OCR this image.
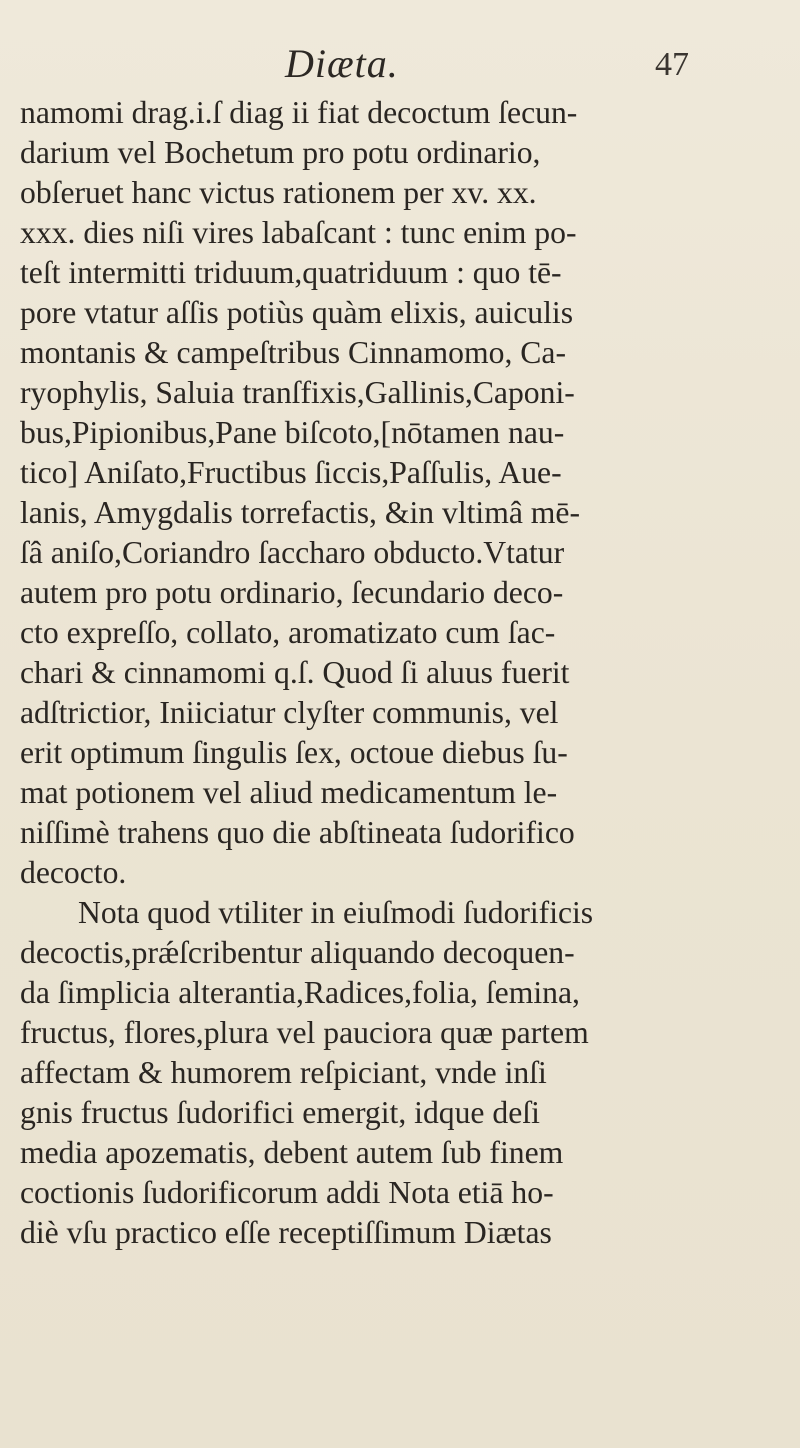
Diæta.	47
namomi drag.i.ſ diag ii fiat decoctum ſecun-
darium vel Bochetum pro potu ordinario,
obſeruet hanc victus rationem per xv. xx.
xxx. dies niſi vires labaſcant : tunc enim po-
teſt intermitti triduum,quatriduum : quo tē-
pore vtatur aſſis potiùs quàm elixis, auiculis
montanis & campeſtribus Cinnamomo, Ca-
ryophylis, Saluia tranſfixis,Gallinis,Caponi-
bus,Pipionibus,Pane biſcoto,[nōtamen nau-
tico] Aniſato,Fructibus ſiccis,Paſſulis, Aue-
lanis, Amygdalis torrefactis, &in vltimâ mē-
ſâ aniſo,Coriandro ſaccharo obducto.Vtatur
autem pro potu ordinario, ſecundario deco-
cto expreſſo, collato, aromatizato cum ſac-
chari & cinnamomi q.ſ. Quod ſi aluus fuerit
adſtrictior, Iniiciatur clyſter communis, vel
erit optimum ſingulis ſex, octoue diebus ſu-
mat potionem vel aliud medicamentum le-
niſſimè trahens quo die abſtineata ſudorifico
decocto.
Nota quod vtiliter in eiuſmodi ſudorificis
decoctis,prǽſcribentur aliquando decoquen-
da ſimplicia alterantia,Radices,folia, ſemina,
fructus, flores,plura vel pauciora quæ partem
affectam & humorem reſpiciant, vnde inſi
gnis fructus ſudorifici emergit, idque deſi
media apozematis, debent autem ſub finem
coctionis ſudorificorum addi Nota etiā ho-
diè vſu practico eſſe receptiſſimum Diætas
